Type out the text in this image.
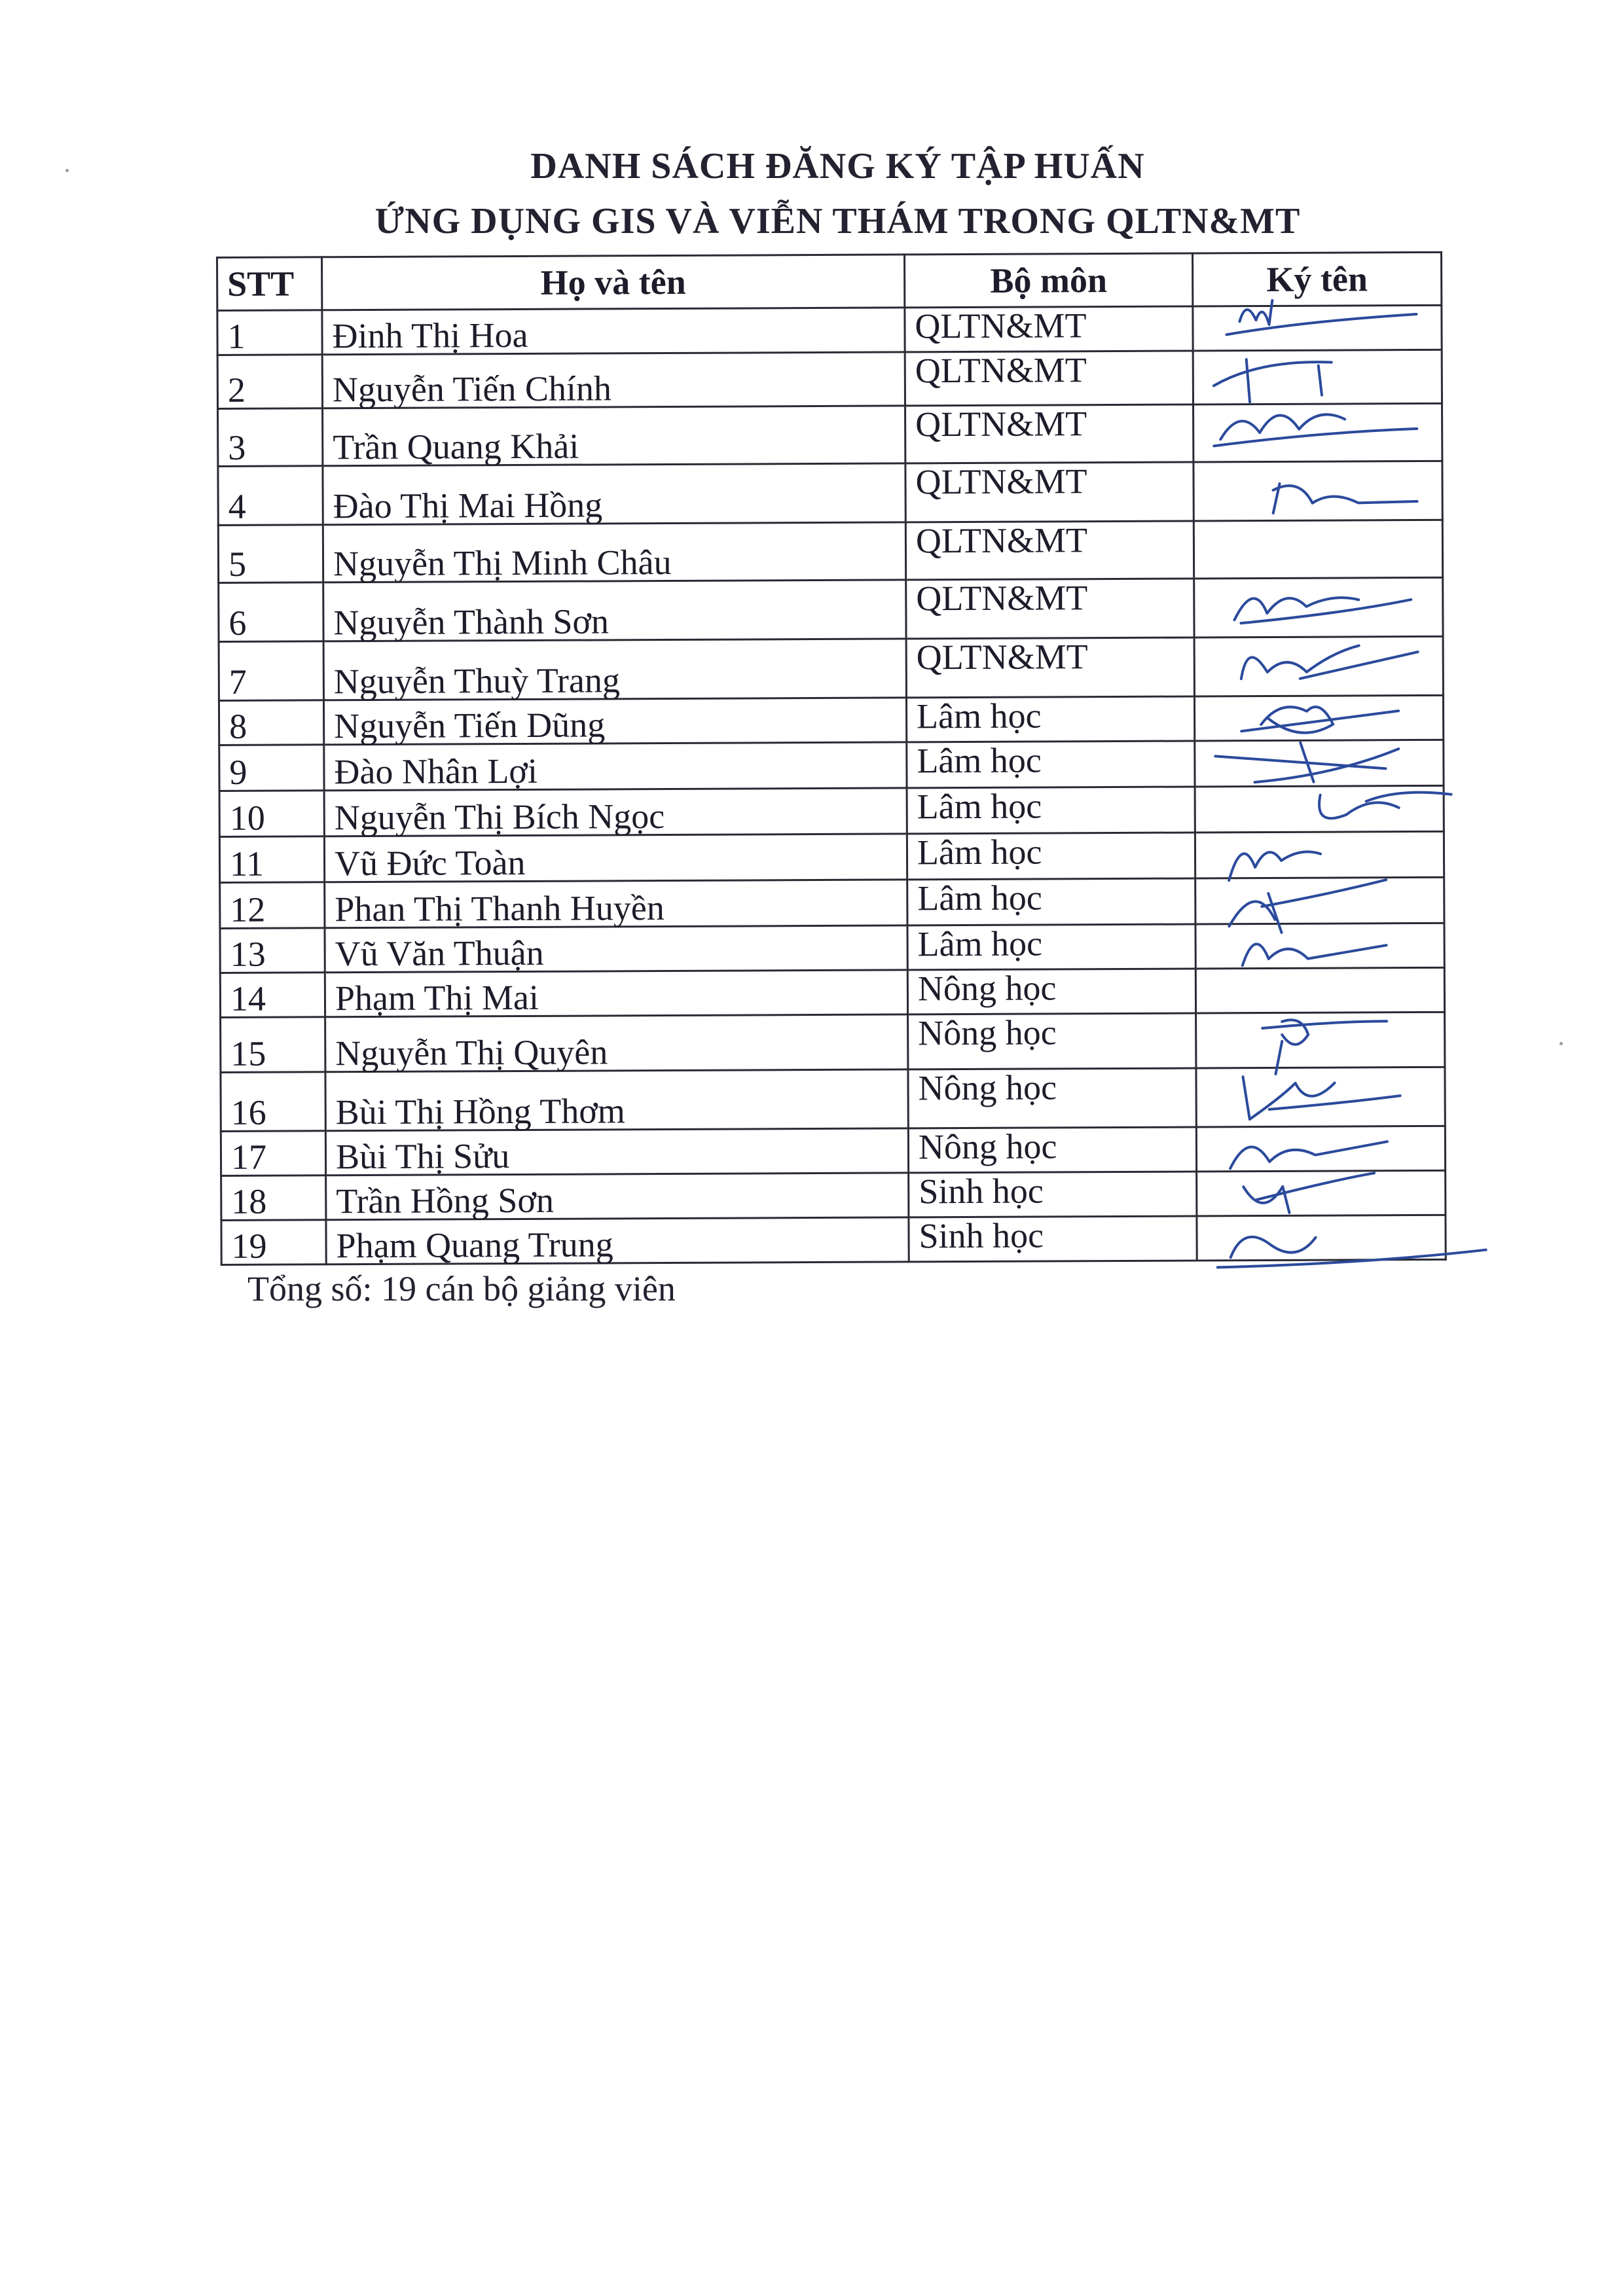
DANH SÁCH ĐĂNG KÝ TẬP HUẤN
ỨNG DỤNG GIS VÀ VIỄN THÁM TRONG QLTN&MT
STT	Họ và tên	Bộ môn	Ký tên
1	Đinh Thị Hoa	QLTN&MT	

2	Nguyễn Tiến Chính	QLTN&MT	

3	Trần Quang Khải	QLTN&MT	

4	Đào Thị Mai Hồng	QLTN&MT	

5	Nguyễn Thị Minh Châu	QLTN&MT	
6	Nguyễn Thành Sơn	QLTN&MT	

7	Nguyễn Thuỳ Trang	QLTN&MT	

8	Nguyễn Tiến Dũng	Lâm học	

9	Đào Nhân Lợi	Lâm học	

10	Nguyễn Thị Bích Ngọc	Lâm học	

11	Vũ Đức Toàn	Lâm học	

12	Phan Thị Thanh Huyền	Lâm học	

13	Vũ Văn Thuận	Lâm học	

14	Phạm Thị Mai	Nông học	
15	Nguyễn Thị Quyên	Nông học	

16	Bùi Thị Hồng Thơm	Nông học	

17	Bùi Thị Sửu	Nông học	

18	Trần Hồng Sơn	Sinh học	

19	Phạm Quang Trung	Sinh học	
Tổng số: 19 cán bộ giảng viên
